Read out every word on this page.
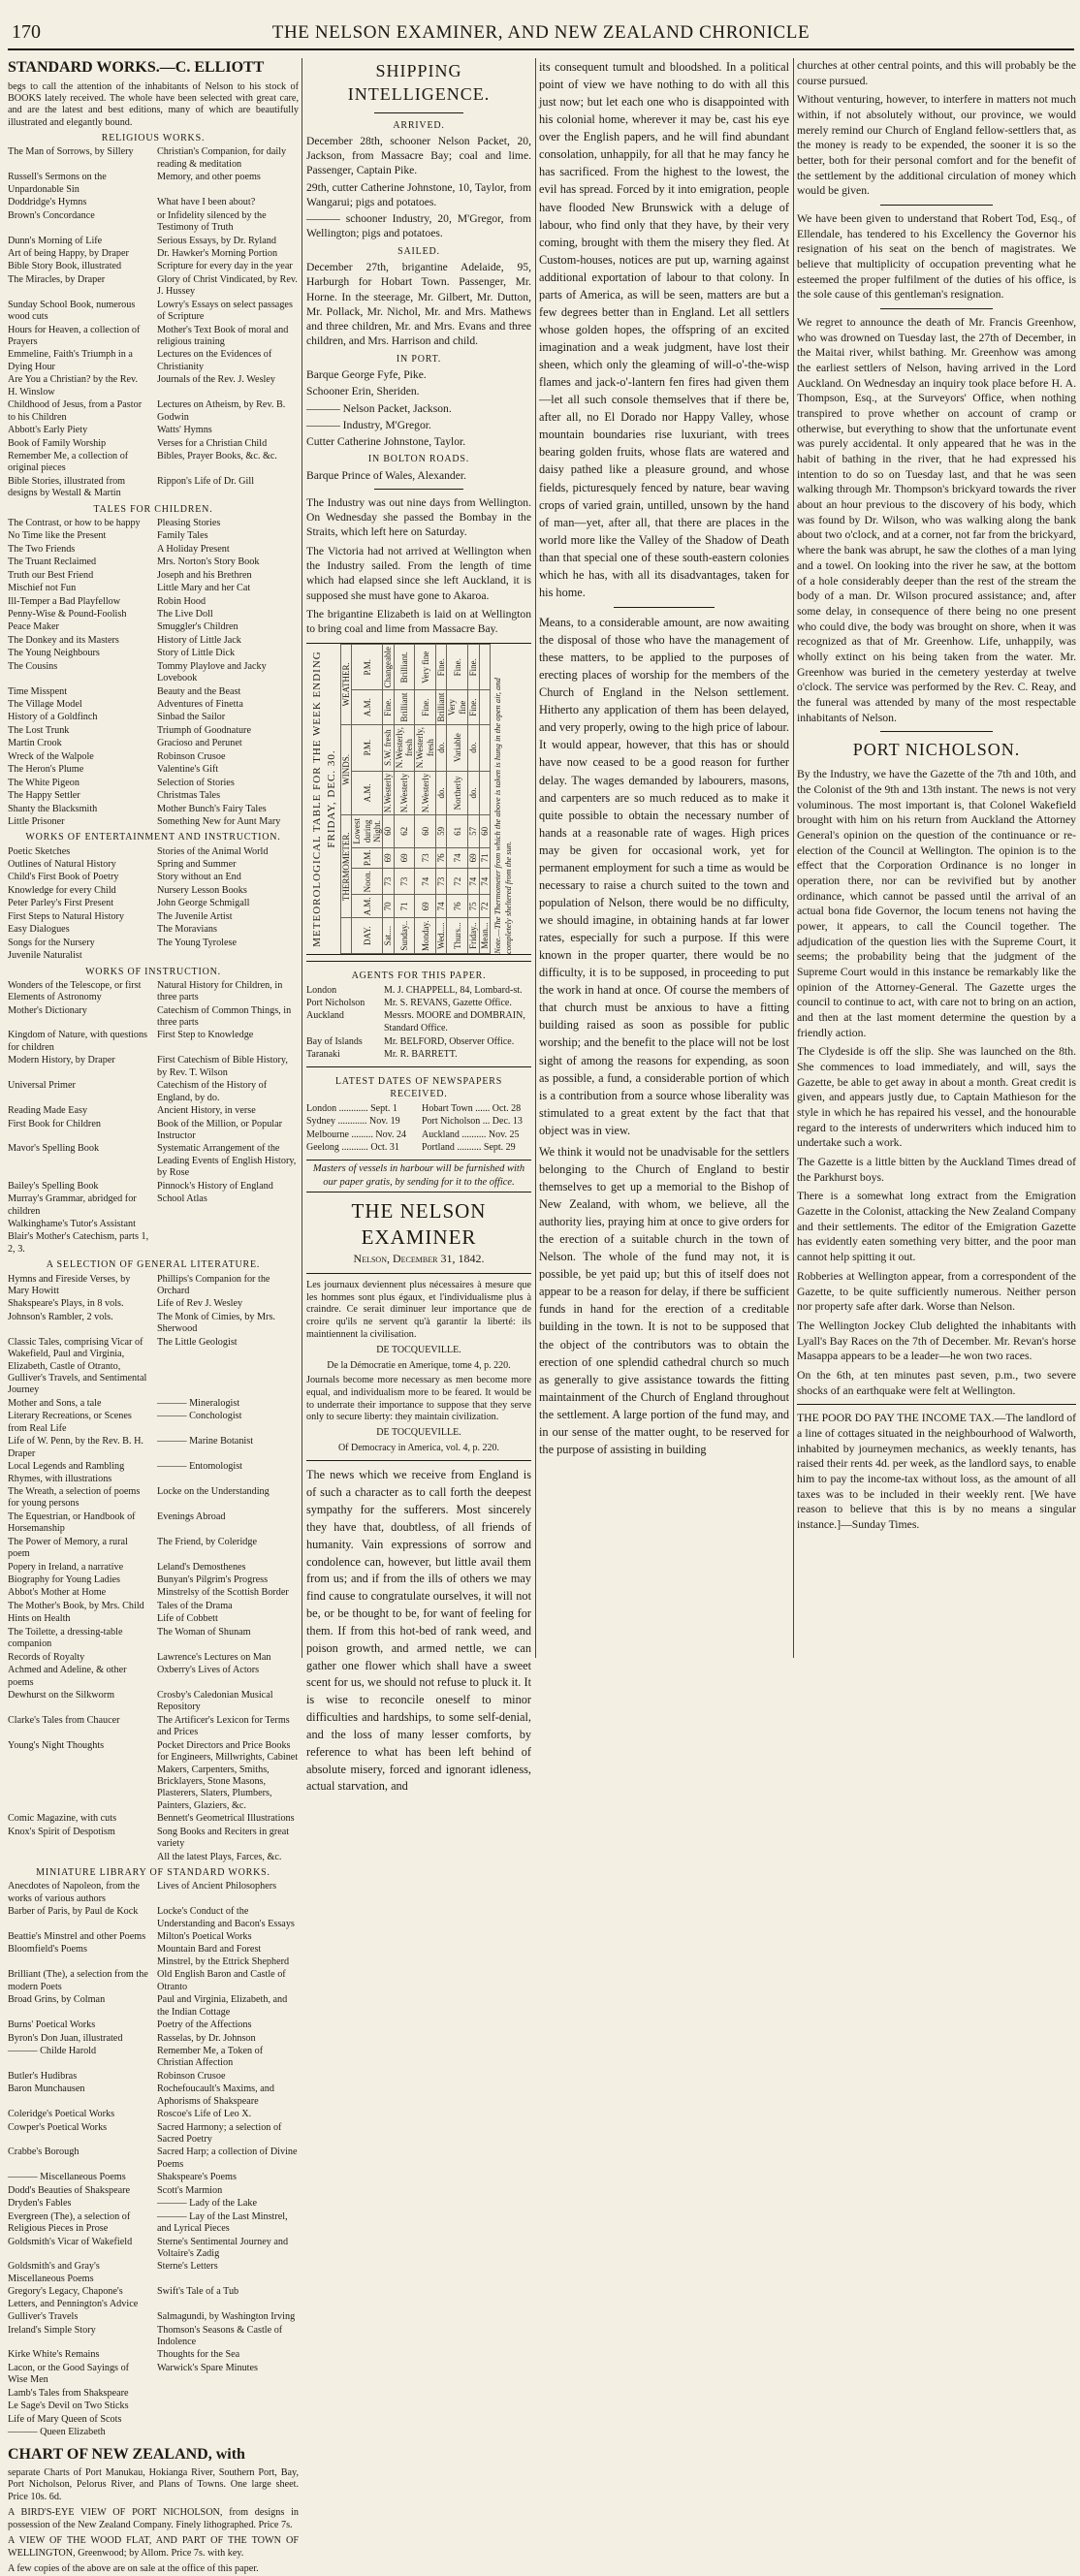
170	THE NELSON EXAMINER, AND NEW ZEALAND CHRONICLE

STANDARD WORKS.—C. ELLIOTT

begs to call the attention of the inhabitants of Nelson to his stock of BOOKS lately received. The whole have been selected with great care, and are the latest and best editions, many of which are beautifully illustrated and elegantly bound.

RELIGIOUS WORKS.
The Man of Sorrows, by Sillery	Christian's Companion, for daily reading & meditation
Russell's Sermons on the Unpardonable Sin
Memory, and other poems
Doddridge's Hymns	What have I been about?
Brown's Concordance	or Infidelity silenced by the Testimony of Truth
Dunn's Morning of Life	Serious Essays, by Dr. Ryland
Art of being Happy, by Draper	Dr. Hawker's Morning Portion
Bible Story Book, illustrated	Scripture for every day in the year
The Miracles, by Draper	Glory of Christ Vindicated, by Rev. J. Hussey
Sunday School Book, numerous wood cuts
Lowry's Essays on select passages of Scripture
Hours for Heaven, a collection of Prayers
Mother's Text Book of moral and religious training
Emmeline, Faith's Triumph in a Dying Hour
Lectures on the Evidences of Christianity
Are You a Christian? by the Rev. H. Winslow
Journals of the Rev. J. Wesley
Childhood of Jesus, from a Pastor to his Children
Lectures on Atheism, by Rev. B. Godwin
Abbott's Early Piety	Watts' Hymns
Book of Family Worship	Verses for a Christian Child
Remember Me, a collection of original pieces
Bibles, Prayer Books, &c. &c.
Bible Stories, illustrated from designs by Westall & Martin
Rippon's Life of Dr. Gill
TALES FOR CHILDREN.
The Contrast, or how to be happy	Pleasing Stories
No Time like the Present	Family Tales
The Two Friends	A Holiday Present
The Truant Reclaimed	Mrs. Norton's Story Book
Truth our Best Friend	Joseph and his Brethren
Mischief not Fun	Little Mary and her Cat
Ill-Temper a Bad Playfellow	Robin Hood
Penny-Wise & Pound-Foolish	The Live Doll
Peace Maker	Smuggler's Children
The Donkey and its Masters	History of Little Jack
The Young Neighbours	Story of Little Dick
The Cousins	Tommy Playlove and Jacky Lovebook
Time Misspent	Beauty and the Beast
The Village Model	Adventures of Finetta
History of a Goldfinch	Sinbad the Sailor
The Lost Trunk	Triumph of Goodnature
Martin Crook	Gracioso and Perunet
Wreck of the Walpole	Robinson Crusoe
The Heron's Plume	Valentine's Gift
The White Pigeon	Selection of Stories
The Happy Settler	Christmas Tales
Shanty the Blacksmith	Mother Bunch's Fairy Tales
Little Prisoner	Something New for Aunt Mary
WORKS OF ENTERTAINMENT AND INSTRUCTION.
Poetic Sketches	Stories of the Animal World
Outlines of Natural History	Spring and Summer
Child's First Book of Poetry	Story without an End
Knowledge for every Child	Nursery Lesson Books
Peter Parley's First Present	John George Schmigall
First Steps to Natural History	The Juvenile Artist
Easy Dialogues	The Moravians
Songs for the Nursery	The Young Tyrolese
Juvenile Naturalist
WORKS OF INSTRUCTION.
Wonders of the Telescope, or first Elements of Astronomy
Natural History for Children, in three parts
Mother's Dictionary	Catechism of Common Things, in three parts
Kingdom of Nature, with questions for children
First Step to Knowledge
Modern History, by Draper	First Catechism of Bible History, by Rev. T. Wilson
Universal Primer	Catechism of the History of England, by do.
Reading Made Easy	Ancient History, in verse
First Book for Children	Book of the Million, or Popular Instructor
Mavor's Spelling Book	Systematic Arrangement of the Leading Events of English History, by Rose
Bailey's Spelling Book	Pinnock's History of England
Murray's Grammar, abridged for children
School Atlas
Walkinghame's Tutor's Assistant
Blair's Mother's Catechism, parts 1, 2, 3.
A SELECTION OF GENERAL LITERATURE.
Hymns and Fireside Verses, by Mary Howitt
Phillips's Companion for the Orchard
Shakspeare's Plays, in 8 vols.	Life of Rev J. Wesley
Johnson's Rambler, 2 vols.	The Monk of Cimies, by Mrs. Sherwood
Classic Tales, comprising Vicar of Wakefield, Paul and Virginia, Elizabeth, Castle of Otranto, Gulliver's Travels, and Sentimental Journey
The Little Geologist
Mother and Sons, a tale	——— Mineralogist
Literary Recreations, or Scenes from Real Life
——— Conchologist
Life of W. Penn, by the Rev. B. H. Draper
——— Marine Botanist
Local Legends and Rambling Rhymes, with illustrations
——— Entomologist
The Wreath, a selection of poems for young persons
Locke on the Understanding
The Equestrian, or Handbook of Horsemanship
Evenings Abroad
The Power of Memory, a rural poem
The Friend, by Coleridge
Popery in Ireland, a narrative	Leland's Demosthenes
Biography for Young Ladies	Bunyan's Pilgrim's Progress
Abbot's Mother at Home	Minstrelsy of the Scottish Border
The Mother's Book, by Mrs. Child	Tales of the Drama
Hints on Health	Life of Cobbett
The Toilette, a dressing-table companion
The Woman of Shunam
Records of Royalty	Lawrence's Lectures on Man
Achmed and Adeline, & other poems
Oxberry's Lives of Actors
Dewhurst on the Silkworm	Crosby's Caledonian Musical Repository
Clarke's Tales from Chaucer	The Artificer's Lexicon for Terms and Prices
Young's Night Thoughts	Pocket Directors and Price Books for Engineers, Millwrights, Cabinet Makers, Carpenters, Smiths, Bricklayers, Stone Masons, Plasterers, Slaters, Plumbers, Painters, Glaziers, &c.
Comic Magazine, with cuts	Bennett's Geometrical Illustrations
Knox's Spirit of Despotism	Song Books and Reciters in great variety
All the latest Plays, Farces, &c.
MINIATURE LIBRARY OF STANDARD WORKS.
Anecdotes of Napoleon, from the works of various authors
Lives of Ancient Philosophers
Barber of Paris, by Paul de Kock	Locke's Conduct of the Understanding and Bacon's Essays
Beattie's Minstrel and other Poems	Milton's Poetical Works
Bloomfield's Poems	Mountain Bard and Forest Minstrel, by the Ettrick Shepherd
Brilliant (The), a selection from the modern Poets
Old English Baron and Castle of Otranto
Broad Grins, by Colman	Paul and Virginia, Elizabeth, and the Indian Cottage
Burns' Poetical Works	Poetry of the Affections
Byron's Don Juan, illustrated	Rasselas, by Dr. Johnson
——— Childe Harold	Remember Me, a Token of Christian Affection
Butler's Hudibras	Robinson Crusoe
Baron Munchausen	Rochefoucault's Maxims, and Aphorisms of Shakspeare
Coleridge's Poetical Works	Roscoe's Life of Leo X.
Cowper's Poetical Works	Sacred Harmony; a selection of Sacred Poetry
Crabbe's Borough	Sacred Harp; a collection of Divine Poems
——— Miscellaneous Poems	Shakspeare's Poems
Dodd's Beauties of Shakspeare	Scott's Marmion
Dryden's Fables	——— Lady of the Lake
Evergreen (The), a selection of Religious Pieces in Prose
——— Lay of the Last Minstrel, and Lyrical Pieces
Goldsmith's Vicar of Wakefield	Sterne's Sentimental Journey and Voltaire's Zadig
Goldsmith's and Gray's Miscellaneous Poems
Sterne's Letters
Gregory's Legacy, Chapone's Letters, and Pennington's Advice
Swift's Tale of a Tub
Gulliver's Travels	Salmagundi, by Washington Irving
Ireland's Simple Story	Thomson's Seasons & Castle of Indolence
Kirke White's Remains	Thoughts for the Sea
Lacon, or the Good Sayings of Wise Men
Warwick's Spare Minutes
Lamb's Tales from Shakspeare
Le Sage's Devil on Two Sticks
Life of Mary Queen of Scots
——— Queen Elizabeth

CHART OF NEW ZEALAND, with

separate Charts of Port Manukau, Hokianga River, Southern Port, Bay, Port Nicholson, Pelorus River, and Plans of Towns. One large sheet. Price 10s. 6d.

A BIRD'S-EYE VIEW OF PORT NICHOLSON, from designs in possession of the New Zealand Company. Finely lithographed. Price 7s.

A VIEW OF THE WOOD FLAT, AND PART OF THE TOWN OF WELLINGTON, Greenwood; by Allom. Price 7s. with key.

A few copies of the above are on sale at the office of this paper.

SHIPPING INTELLIGENCE.
ARRIVED.

December 28th, schooner Nelson Packet, 20, Jackson, from Massacre Bay; coal and lime. Passenger, Captain Pike.

29th, cutter Catherine Johnstone, 10, Taylor, from Wangarui; pigs and potatoes.

——— schooner Industry, 20, M'Gregor, from Wellington; pigs and potatoes.

SAILED.

December 27th, brigantine Adelaide, 95, Harburgh for Hobart Town. Passenger, Mr. Horne. In the steerage, Mr. Gilbert, Mr. Dutton, Mr. Pollack, Mr. Nichol, Mr. and Mrs. Mathews and three children, Mr. and Mrs. Evans and three children, and Mrs. Harrison and child.

IN PORT.

Barque George Fyfe, Pike.

Schooner Erin, Sheriden.

——— Nelson Packet, Jackson.

——— Industry, M'Gregor.

Cutter Catherine Johnstone, Taylor.

IN BOLTON ROADS.

Barque Prince of Wales, Alexander.

The Industry was out nine days from Wellington. On Wednesday she passed the Bombay in the Straits, which left here on Saturday.

The Victoria had not arrived at Wellington when the Industry sailed. From the length of time which had elapsed since she left Auckland, it is supposed she must have gone to Akaroa.

The brigantine Elizabeth is laid on at Wellington to bring coal and lime from Massacre Bay.

METEOROLOGICAL TABLE FOR THE WEEK ENDING FRIDAY, DEC. 30.
	THERMOMETER.				WINDS.		WEATHER.	
DAY.	A.M.	Noon.	P.M.	Lowest during Night.	A.M.	P.M.	A.M.	P.M.
Sat....	70	73	69	60	N.Westerly	S.W. fresh	Fine.	Changeable
Sunday..	71	73	69	62	N.Westerly	N.Westerly, fresh	Brilliant	Brilliant.
Monday.	69	74	73	60	N.Westerly	N.Westerly, fresh	Fine.	Very fine
Wed.....	74	73	76	59	do.	do.	Brilliant	Fine.
Thurs...	76	72	74	61	Northerly	Variable	Very fine	Fine.
Friday..	75	74	69	57	do.	do.	Fine.	Fine.
Mean...	72	74	71	60				Note.—The Thermometer from which the above is taken is hung in the open air, and completely sheltered from the sun.
AGENTS FOR THIS PAPER.
London	M. J. CHAPPELL, 84, Lombard-st.
Port Nicholson	Mr. S. REVANS, Gazette Office.
Auckland	Messrs. MOORE and DOMBRAIN, Standard Office.
Bay of Islands	Mr. BELFORD, Observer Office.
Taranaki	Mr. R. BARRETT.
LATEST DATES OF NEWSPAPERS RECEIVED.
London ............ Sept. 1	Hobart Town ...... Oct. 28
Sydney ............ Nov. 19	Port Nicholson ... Dec. 13
Melbourne ......... Nov. 24	Auckland .......... Nov. 25
Geelong ........... Oct. 31	Portland .......... Sept. 29
Masters of vessels in harbour will be furnished with our paper gratis, by sending for it to the office.
THE NELSON EXAMINER
Nelson, December 31, 1842.

Les journaux deviennent plus nécessaires à mesure que les hommes sont plus égaux, et l'individualisme plus à craindre. Ce serait diminuer leur importance que de croire qu'ils ne servent qu'à garantir la liberté: ils maintiennent la civilisation.

DE TOCQUEVILLE.
De la Démocratie en Amerique, tome 4, p. 220.

Journals become more necessary as men become more equal, and individualism more to be feared. It would be to underrate their importance to suppose that they serve only to secure liberty: they maintain civilization.

DE TOCQUEVILLE.
Of Democracy in America, vol. 4, p. 220.

The news which we receive from England is of such a character as to call forth the deepest sympathy for the sufferers. Most sincerely they have that, doubtless, of all friends of humanity. Vain expressions of sorrow and condolence can, however, but little avail them from us; and if from the ills of others we may find cause to congratulate ourselves, it will not be, or be thought to be, for want of feeling for them. If from this hot-bed of rank weed, and poison growth, and armed nettle, we can gather one flower which shall have a sweet scent for us, we should not refuse to pluck it. It is wise to reconcile oneself to minor difficulties and hardships, to some self-denial, and the loss of many lesser comforts, by reference to what has been left behind of absolute misery, forced and ignorant idleness, actual starvation, and

its consequent tumult and bloodshed. In a political point of view we have nothing to do with all this just now; but let each one who is disappointed with his colonial home, wherever it may be, cast his eye over the English papers, and he will find abundant consolation, unhappily, for all that he may fancy he has sacrificed. From the highest to the lowest, the evil has spread. Forced by it into emigration, people have flooded New Brunswick with a deluge of labour, who find only that they have, by their very coming, brought with them the misery they fled. At Custom-houses, notices are put up, warning against additional exportation of labour to that colony. In parts of America, as will be seen, matters are but a few degrees better than in England. Let all settlers whose golden hopes, the offspring of an excited imagination and a weak judgment, have lost their sheen, which only the gleaming of will-o'-the-wisp flames and jack-o'-lantern fen fires had given them—let all such console themselves that if there be, after all, no El Dorado nor Happy Valley, whose mountain boundaries rise luxuriant, with trees bearing golden fruits, whose flats are watered and daisy pathed like a pleasure ground, and whose fields, picturesquely fenced by nature, bear waving crops of varied grain, untilled, unsown by the hand of man—yet, after all, that there are places in the world more like the Valley of the Shadow of Death than that special one of these south-eastern colonies which he has, with all its disadvantages, taken for his home.

Means, to a considerable amount, are now awaiting the disposal of those who have the management of these matters, to be applied to the purposes of erecting places of worship for the members of the Church of England in the Nelson settlement. Hitherto any application of them has been delayed, and very properly, owing to the high price of labour. It would appear, however, that this has or should have now ceased to be a good reason for further delay. The wages demanded by labourers, masons, and carpenters are so much reduced as to make it quite possible to obtain the necessary number of hands at a reasonable rate of wages. High prices may be given for occasional work, yet for permanent employment for such a time as would be necessary to raise a church suited to the town and population of Nelson, there would be no difficulty, we should imagine, in obtaining hands at far lower rates, especially for such a purpose. If this were known in the proper quarter, there would be no difficulty, it is to be supposed, in proceeding to put the work in hand at once. Of course the members of that church must be anxious to have a fitting building raised as soon as possible for public worship; and the benefit to the place will not be lost sight of among the reasons for expending, as soon as possible, a fund, a considerable portion of which is a contribution from a source whose liberality was stimulated to a great extent by the fact that that object was in view.

We think it would not be unadvisable for the settlers belonging to the Church of England to bestir themselves to get up a memorial to the Bishop of New Zealand, with whom, we believe, all the authority lies, praying him at once to give orders for the erection of a suitable church in the town of Nelson. The whole of the fund may not, it is possible, be yet paid up; but this of itself does not appear to be a reason for delay, if there be sufficient funds in hand for the erection of a creditable building in the town. It is not to be supposed that the object of the contributors was to obtain the erection of one splendid cathedral church so much as generally to give assistance towards the fitting maintainment of the Church of England throughout the settlement. A large portion of the fund may, and in our sense of the matter ought, to be reserved for the purpose of assisting in building

churches at other central points, and this will probably be the course pursued.

Without venturing, however, to interfere in matters not much within, if not absolutely without, our province, we would merely remind our Church of England fellow-settlers that, as the money is ready to be expended, the sooner it is so the better, both for their personal comfort and for the benefit of the settlement by the additional circulation of money which would be given.

We have been given to understand that Robert Tod, Esq., of Ellendale, has tendered to his Excellency the Governor his resignation of his seat on the bench of magistrates. We believe that multiplicity of occupation preventing what he esteemed the proper fulfilment of the duties of his office, is the sole cause of this gentleman's resignation.

We regret to announce the death of Mr. Francis Greenhow, who was drowned on Tuesday last, the 27th of December, in the Maitai river, whilst bathing. Mr. Greenhow was among the earliest settlers of Nelson, having arrived in the Lord Auckland. On Wednesday an inquiry took place before H. A. Thompson, Esq., at the Surveyors' Office, when nothing transpired to prove whether on account of cramp or otherwise, but everything to show that the unfortunate event was purely accidental. It only appeared that he was in the habit of bathing in the river, that he had expressed his intention to do so on Tuesday last, and that he was seen walking through Mr. Thompson's brickyard towards the river about an hour previous to the discovery of his body, which was found by Dr. Wilson, who was walking along the bank about two o'clock, and at a corner, not far from the brickyard, where the bank was abrupt, he saw the clothes of a man lying and a towel. On looking into the river he saw, at the bottom of a hole considerably deeper than the rest of the stream the body of a man. Dr. Wilson procured assistance; and, after some delay, in consequence of there being no one present who could dive, the body was brought on shore, when it was recognized as that of Mr. Greenhow. Life, unhappily, was wholly extinct on his being taken from the water. Mr. Greenhow was buried in the cemetery yesterday at twelve o'clock. The service was performed by the Rev. C. Reay, and the funeral was attended by many of the most respectable inhabitants of Nelson.

PORT NICHOLSON.

By the Industry, we have the Gazette of the 7th and 10th, and the Colonist of the 9th and 13th instant. The news is not very voluminous. The most important is, that Colonel Wakefield brought with him on his return from Auckland the Attorney General's opinion on the question of the continuance or re-election of the Council at Wellington. The opinion is to the effect that the Corporation Ordinance is no longer in operation there, nor can be revivified but by another ordinance, which cannot be passed until the arrival of an actual bona fide Governor, the locum tenens not having the power, it appears, to call the Council together. The adjudication of the question lies with the Supreme Court, it seems; the probability being that the judgment of the Supreme Court would in this instance be remarkably like the opinion of the Attorney-General. The Gazette urges the council to continue to act, with care not to bring on an action, and then at the last moment determine the question by a friendly action.

The Clydeside is off the slip. She was launched on the 8th. She commences to load immediately, and will, says the Gazette, be able to get away in about a month. Great credit is given, and appears justly due, to Captain Mathieson for the style in which he has repaired his vessel, and the honourable regard to the interests of underwriters which induced him to undertake such a work.

The Gazette is a little bitten by the Auckland Times dread of the Parkhurst boys.

There is a somewhat long extract from the Emigration Gazette in the Colonist, attacking the New Zealand Company and their settlements. The editor of the Emigration Gazette has evidently eaten something very bitter, and the poor man cannot help spitting it out.

Robberies at Wellington appear, from a correspondent of the Gazette, to be quite sufficiently numerous. Neither person nor property safe after dark. Worse than Nelson.

The Wellington Jockey Club delighted the inhabitants with Lyall's Bay Races on the 7th of December. Mr. Revan's horse Masappa appears to be a leader—he won two races.

On the 6th, at ten minutes past seven, p.m., two severe shocks of an earthquake were felt at Wellington.

THE POOR DO PAY THE INCOME TAX.—The landlord of a line of cottages situated in the neighbourhood of Walworth, inhabited by journeymen mechanics, as weekly tenants, has raised their rents 4d. per week, as the landlord says, to enable him to pay the income-tax without loss, as the amount of all taxes was to be included in their weekly rent. [We have reason to believe that this is by no means a singular instance.]—Sunday Times.
